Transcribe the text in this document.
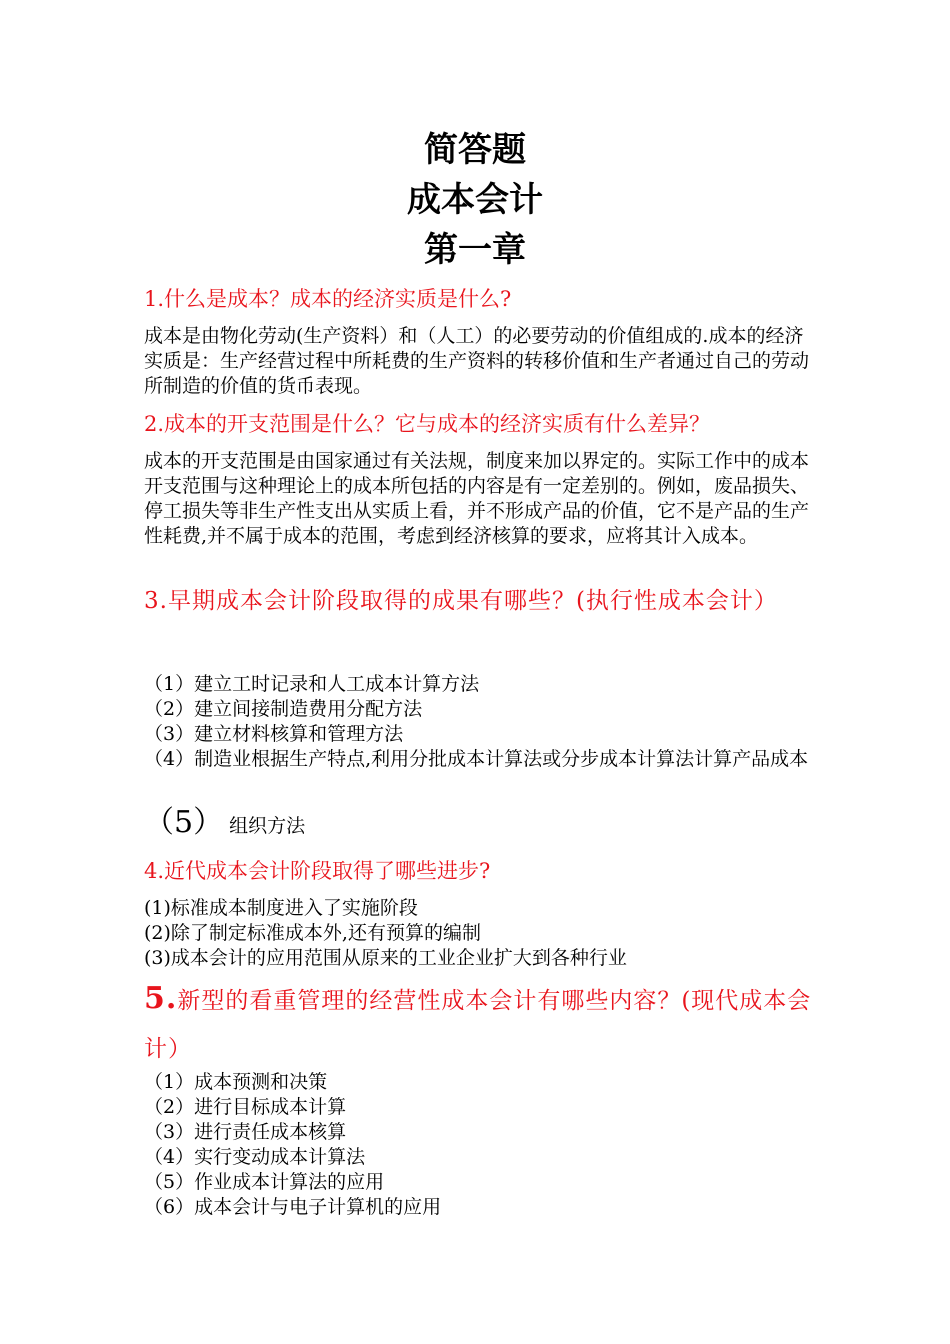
简答题
成本会计
第一章
1.什么是成本？成本的经济实质是什么?
成本是由物化劳动(生产资料）和（人工）的必要劳动的价值组成的.成本的经济实质是：生产经营过程中所耗费的生产资料的转移价值和生产者通过自己的劳动所制造的价值的货币表现。
2.成本的开支范围是什么？它与成本的经济实质有什么差异？
成本的开支范围是由国家通过有关法规，制度来加以界定的。实际工作中的成本开支范围与这种理论上的成本所包括的内容是有一定差别的。例如，废品损失、停工损失等非生产性支出从实质上看，并不形成产品的价值，它不是产品的生产性耗费,并不属于成本的范围，考虑到经济核算的要求，应将其计入成本。
3.早期成本会计阶段取得的成果有哪些？(执行性成本会计）
（1）建立工时记录和人工成本计算方法
（2）建立间接制造费用分配方法
（3）建立材料核算和管理方法
（4）制造业根据生产特点,利用分批成本计算法或分步成本计算法计算产品成本
（5） 组织方法
4.近代成本会计阶段取得了哪些进步?
(1)标准成本制度进入了实施阶段
(2)除了制定标准成本外,还有预算的编制
(3)成本会计的应用范围从原来的工业企业扩大到各种行业
5.新型的看重管理的经营性成本会计有哪些内容？(现代成本会计）
（1）成本预测和决策
（2）进行目标成本计算
（3）进行责任成本核算
（4）实行变动成本计算法
（5）作业成本计算法的应用
（6）成本会计与电子计算机的应用
